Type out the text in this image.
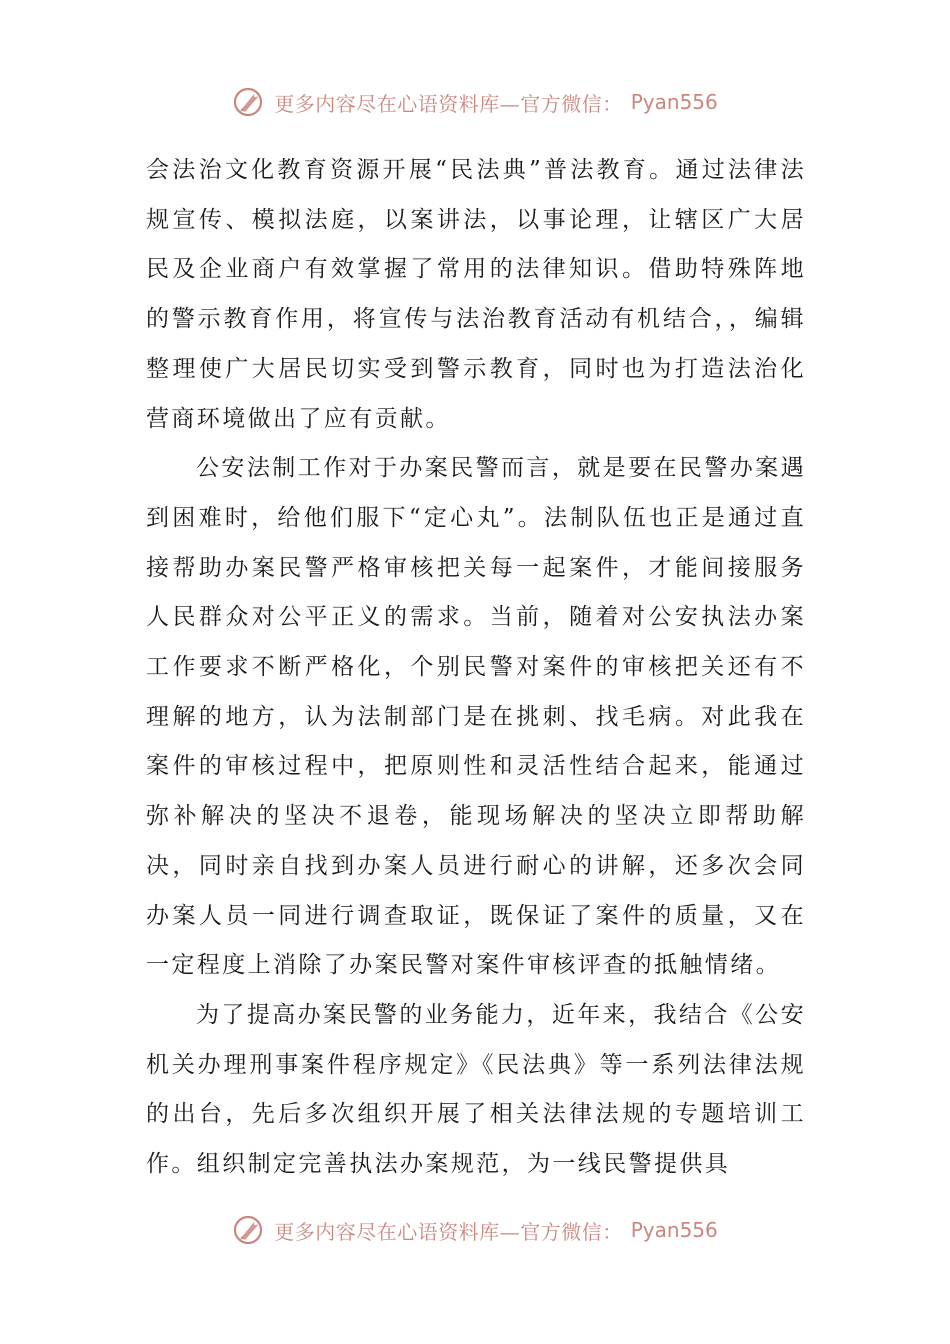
更多内容尽在心语资料库—官方微信： Pyan556

会法治文化教育资源开展“民法典”普法教育。通过法律法规宣传、模拟法庭，以案讲法，以事论理，让辖区广大居民及企业商户有效掌握了常用的法律知识。借助特殊阵地的警示教育作用，将宣传与法治教育活动有机结合，，编辑整理使广大居民切实受到警示教育，同时也为打造法治化营商环境做出了应有贡献。

公安法制工作对于办案民警而言，就是要在民警办案遇到困难时，给他们服下“定心丸”。法制队伍也正是通过直接帮助办案民警严格审核把关每一起案件，才能间接服务人民群众对公平正义的需求。当前，随着对公安执法办案工作要求不断严格化，个别民警对案件的审核把关还有不理解的地方，认为法制部门是在挑刺、找毛病。对此我在案件的审核过程中，把原则性和灵活性结合起来，能通过弥补解决的坚决不退卷，能现场解决的坚决立即帮助解决，同时亲自找到办案人员进行耐心的讲解，还多次会同办案人员一同进行调查取证，既保证了案件的质量，又在一定程度上消除了办案民警对案件审核评查的抵触情绪。

为了提高办案民警的业务能力，近年来，我结合《公安机关办理刑事案件程序规定》《民法典》等一系列法律法规的出台，先后多次组织开展了相关法律法规的专题培训工作。组织制定完善执法办案规范，为一线民警提供具

更多内容尽在心语资料库—官方微信： Pyan556
